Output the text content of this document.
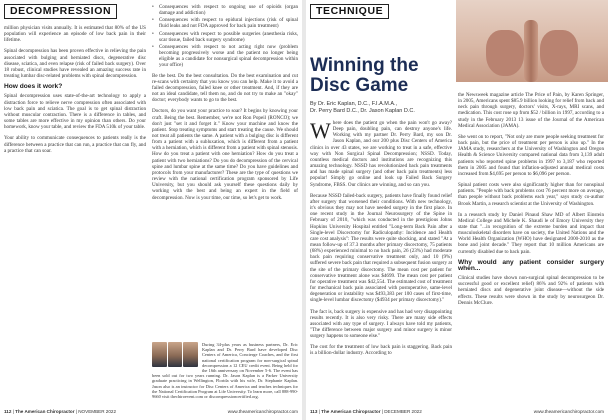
DECOMPRESSION

million physician visits annually. It is estimated that 80% of the US population will experience an episode of low back pain in their lifetime.

Spinal decompression has been proven effective in relieving the pain associated with bulging and herniated discs, degenerative disc disease, sciatica, and even relapse (risk of failed back surgery). Over 18 robust, clinical studies have revealed an amazing success rate in treating lumbar disc-related problems with spinal decompression.

How does it work?

Spinal decompression uses state-of-the-art technology to apply a distraction force to relieve nerve compression often associated with low back pain and sciatica. The goal is to get spinal distraction without muscular contraction. There is a difference in tables, and some tables are more effective in my opinion than others. Do your homework, know your table, and review the FDA 510k of your table.

Your ability to communicate consequences to patients really is the difference between a practice that can run, a practice that can fly, and a practice that can soar.

• Consequences with respect to ongoing use of opioids (organ damage and addiction)
• Consequences with respect to epidural injections (risk of spinal fluid leaks and not FDA approved for back pain treatment)
• Consequences with respect to possible surgeries (anesthesia risks, scar tissue, failed back surgery syndrome)
• Consequences with respect to not acting right now (problem becoming progressively worse and the patient no longer being eligible as a candidate for nonsurgical spinal decompression within your office)

Be the best. Do the best consultation. Do the best examination and cut re-scans with certainty that you know you can help. Make it to avoid a failed decompression, failed knee or other treatment. And, if they are not an ideal candidate, tell them no, and do not try to make an "okay" doctor; everybody wants to go to the best.

Doctors, do you want your practice to soar? It begins by knowing your craft. Being the best. Remember, we're not Ron Popeil (RONCO); we don't just "set it and forget it." Know your machine and know the patient. Stop treating symptoms and start treating the cause. We should not treat all patients the same. A patient with a bulging disc is different from a patient with a subluxation, which is different from a patient with a herniation, which is different from a patient with spinal stenosis. How do you treat a patient with one herniation? How do you treat a patient with two herniations? Do you do decompression of the cervical spine and lumbar spine at the same time? Do you have guidelines and protocols from your manufacturer? These are the type of questions we review with the national certification program sponsored by Life University, but you should ask yourself these questions daily by working with the best and being an expert in the field of decompression. Now is your time, our time, so let's get to work.

During 34-plus years as business partners, Dr. Eric Kaplan and Dr. Perry Bard have developed Disc Centers of America, Concierge Coaches, and the first national certification program for non-surgical spinal decompression a 12 CEU credit event. Being held for the 16th anniversary on November 5-6. The event has been sold out for two years running. Dr. Jason Kaplan is a Parker University graduate practicing in Wellington, Florida with his wife, Dr. Stephanie Kaplan. Jason also is an instructor for Disc Centers of America and teaches techniques for the National Certification Program at Life University. To learn more, call 888-990-9660 visit thechiroevent.com or discompressioncertified.org.
112 | The American Chiropractor | NOVEMBER 2022	www.theamericanchiropractor.com
TECHNIQUE
Winning the Disc Game
By Dr. Eric Kaplan, D.C., F.I.A.M.A.,
Dr. Perry Bard D.C., Dr. Jason Kaplan D.C.

Where does the patient go when the pain won't go away? Deep pain, doubling pain, can destroy anyone's life. Working with my partner Dr. Perry Bard, my son Dr. Jason Kaplan, and our 200 plus Disc Centers of America clinics in over 43 states, we are working to treat in a safe, effective way with Non Surgical Spinal Decompression; NSSD. Today, countless medical doctors and institutions are recognizing this amazing technology. NSSD has revolutionized back pain treatments and has made spinal surgery (and other back pain treatments) less popular! Simply go online and look up Failed Back Surgery Syndrome, FBSS. Our clinics are winning, and so can you.

Because NSSD failed-back surgery, patients have finally found relief after surgery that worsened their conditions. With new technology, it's obvious they may not have needed surgery in the first place. In one recent study in the Journal Neurosurgery of the Spine in February of 2010, "which was conducted in the prestigious Johns Hopkins University Hospital entitled "Long-term Back Pain after a Single-level Discectomy for Radiculopathy: Incidence and Health care cost analysis": The results were quite shocking, and stated "At a mean follow-up of 37.3 months after primary discectomy, 75 patients (68%) experienced minimal to no back pain, 26 (23%) had moderate back pain requiring conservative treatment only, and 10 (9%) suffered severe back pain that required a subsequent fusion surgery at the site of the primary discectomy. The mean cost per patient for conservative treatment alone was $4699. The mean cost per patient for operative treatment was $42,554. The estimated cost of treatment for mechanical back pain associated with postoperative, same-level degeneration or instability was $493,383 per 100 cases of first-time, single-level lumbar discectomy ($4934 per primary discectomy)."

The fact is, back surgery is expensive and has had very disappointing results recently. It is also very risky. There are many side effects associated with any type of surgery. I always have told my patients, "The difference between major surgery and minor surgery is minor surgery happens to someone else."

The cost for the treatment of low back pain is staggering. Back pain is a billion-dollar industry. According to

the Newsweek magazine article The Price of Pain, by Karen Springer, in 2005, Americans spent $85.9 billion looking for relief from back and neck pain through surgery, doctors' visits, X-rays, MRI scans, and medication. This cost rose up from $52 / billion in 1997, according to a study in the February 2013 13 issue of the Journal of the American Medical Association (JAMA).

She went on to report, "Not only are more people seeking treatment for back pain, but the price of treatment per person is also up." In the JAMA study, researchers at the University of Washington and Oregon Health & Science University compared national data from 3,139 adult patients who reported spine problems in 1997 to 3,187 who reported them in 2005 and found that inflation-adjusted annual medical costs increased from $4,695 per person to $6,096 per person.

Spinal patient costs were also significantly higher than for nonspinal patients. "People with back problems cost 76 percent more on average, than people without back problems each year," says study co-author Brook Martin, a research scientist at the University of Washington.

In a research study by Daniel Pinaud Shaw MD of Albert Einstein Medical College and Michele K. Shaudi le of Emory University they state that "...in recognition of the extreme burden and impact that musculoskeletal disorders have on society, the United Nations and the World Health Organization (WHO) have designated 2000-2010 as the bone and joint decade." They report that 10 million Americans are currently disabled due to back pain.

Why would any patient consider surgery when...

Clinical studies have shown non-surgical spinal decompression to be successful good or excellent relief) 86% and 92% of patients with herniated discs and degenerative joint disease—without the side effects. These results were shown in the study by neurosurgeon Dr. Dennis McClure.

113 | The American Chiropractor | DECEMBER 2022	www.theamericanchiropractor.com
